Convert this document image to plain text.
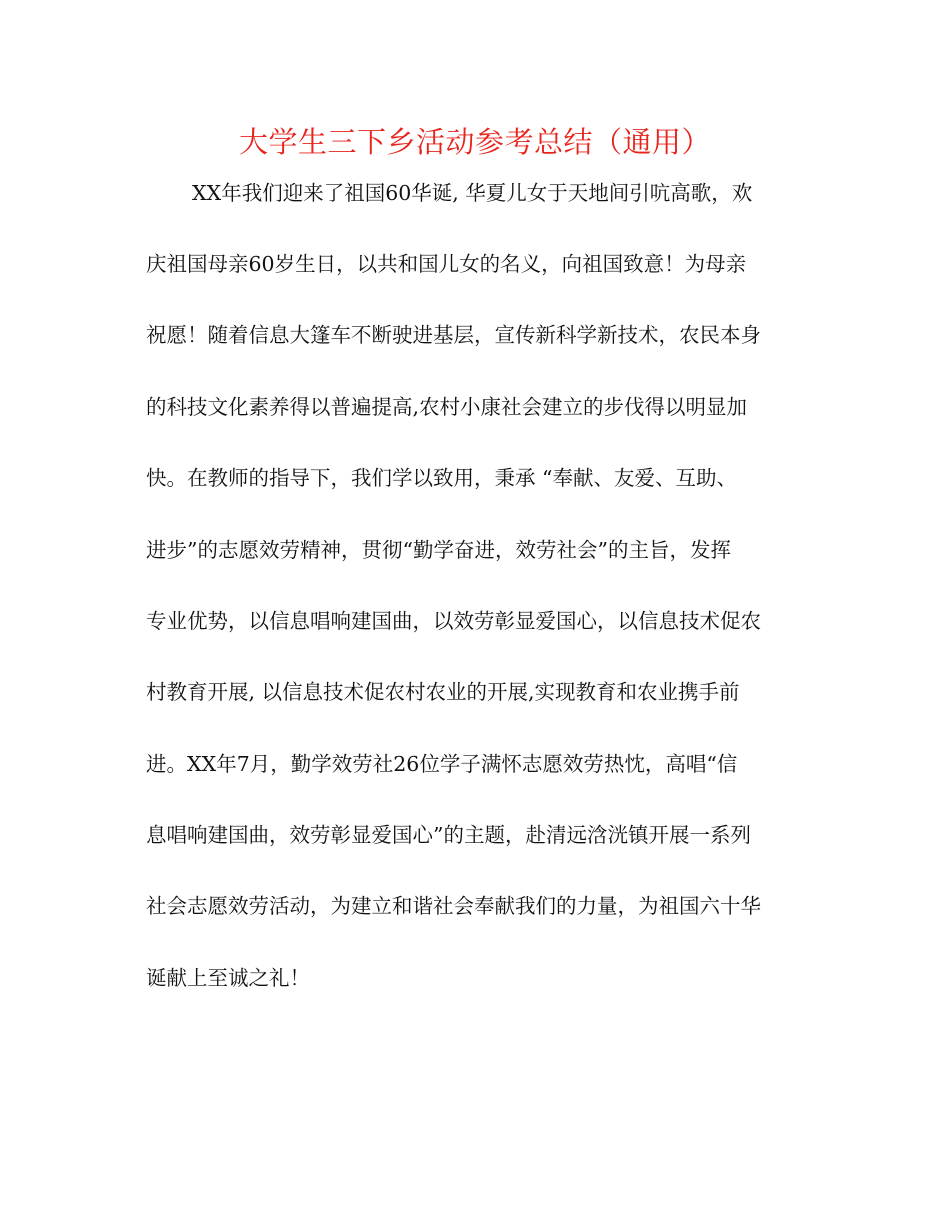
大学生三下乡活动参考总结（通用）
XX年我们迎来了祖国60华诞, 华夏儿女于天地间引吭高歌，欢
庆祖国母亲60岁生日，以共和国儿女的名义，向祖国致意！为母亲
祝愿！随着信息大篷车不断驶进基层，宣传新科学新技术，农民本身
的科技文化素养得以普遍提高,农村小康社会建立的步伐得以明显加
快。在教师的指导下，我们学以致用，秉承 “奉献、友爱、互助、
进步”的志愿效劳精神，贯彻“勤学奋进，效劳社会”的主旨，发挥
专业优势，以信息唱响建国曲，以效劳彰显爱国心，以信息技术促农
村教育开展, 以信息技术促农村农业的开展,实现教育和农业携手前
进。XX年7月，勤学效劳社26位学子满怀志愿效劳热忱，高唱“信
息唱响建国曲，效劳彰显爱国心”的主题，赴清远浛洸镇开展一系列
社会志愿效劳活动，为建立和谐社会奉献我们的力量，为祖国六十华
诞献上至诚之礼！
